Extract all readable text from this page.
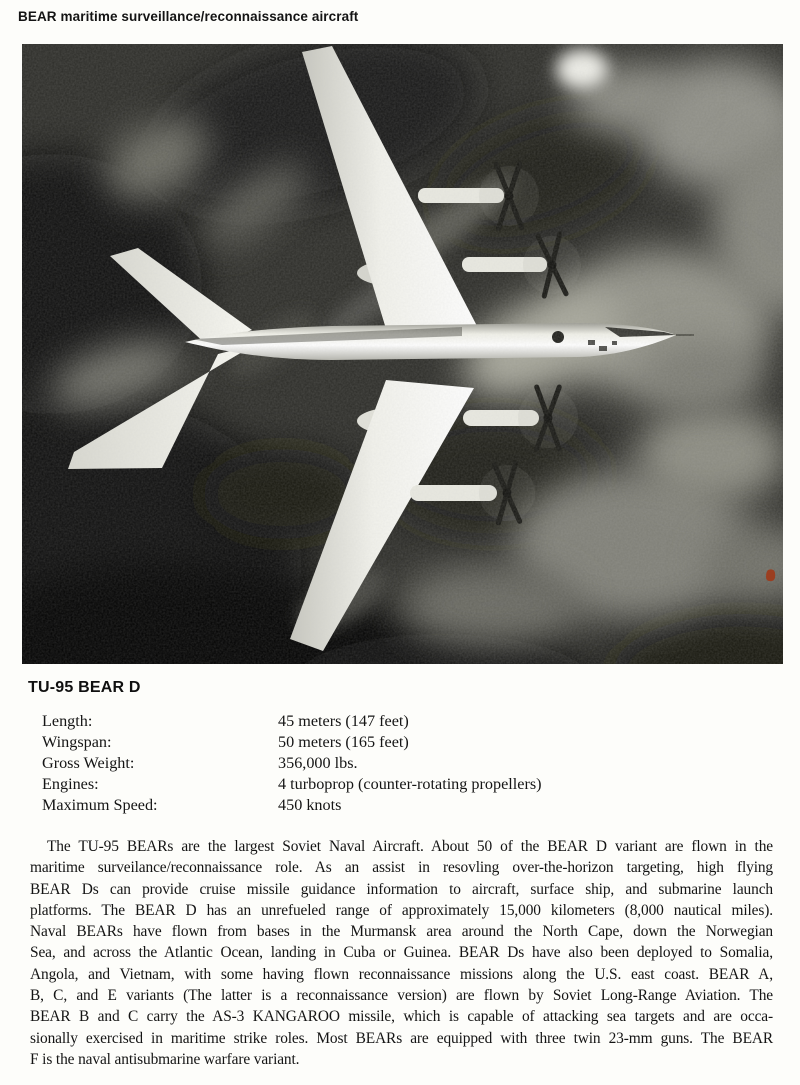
BEAR maritime surveillance/reconnaissance aircraft
TU-95 BEAR D
Length:	45 meters (147 feet)
Wingspan:	50 meters (165 feet)
Gross Weight:	356,000 lbs.
Engines:	4 turboprop (counter-rotating propellers)
Maximum Speed:	450 knots
The TU-95 BEARs are the largest Soviet Naval Aircraft. About 50 of the BEAR D variant are flown in the
maritime surveilance/reconnaissance role. As an assist in resovling over-the-horizon targeting, high flying
BEAR Ds can provide cruise missile guidance information to aircraft, surface ship, and submarine launch
platforms. The BEAR D has an unrefueled range of approximately 15,000 kilometers (8,000 nautical miles).
Naval BEARs have flown from bases in the Murmansk area around the North Cape, down the Norwegian
Sea, and across the Atlantic Ocean, landing in Cuba or Guinea. BEAR Ds have also been deployed to Somalia,
Angola, and Vietnam, with some having flown reconnaissance missions along the U.S. east coast. BEAR A,
B, C, and E variants (The latter is a reconnaissance version) are flown by Soviet Long-Range Aviation. The
BEAR B and C carry the AS-3 KANGAROO missile, which is capable of attacking sea targets and are occa-
sionally exercised in maritime strike roles. Most BEARs are equipped with three twin 23-mm guns. The BEAR
F is the naval antisubmarine warfare variant.
